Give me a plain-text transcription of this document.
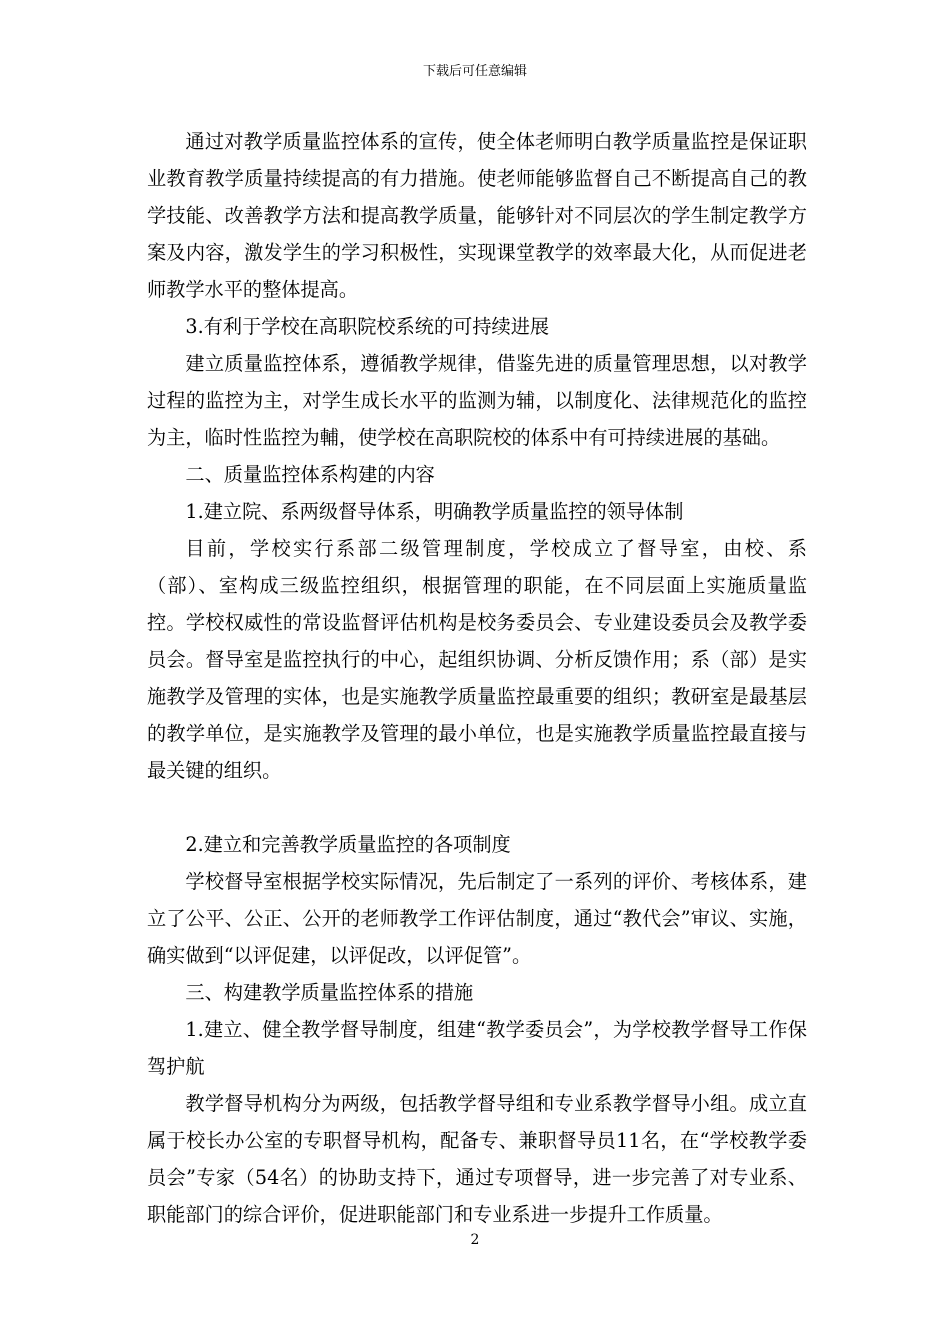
下载后可任意编辑

通过对教学质量监控体系的宣传，使全体老师明白教学质量监控是保证职业教育教学质量持续提高的有力措施。使老师能够监督自己不断提高自己的教学技能、改善教学方法和提高教学质量，能够针对不同层次的学生制定教学方案及内容，激发学生的学习积极性，实现课堂教学的效率最大化，从而促进老师教学水平的整体提高。

3.有利于学校在高职院校系统的可持续进展

建立质量监控体系，遵循教学规律，借鉴先进的质量管理思想，以对教学过程的监控为主，对学生成长水平的监测为辅，以制度化、法律规范化的监控为主，临时性监控为輔，使学校在高职院校的体系中有可持续进展的基础。

二、质量监控体系构建的内容

1.建立院、系两级督导体系，明确教学质量监控的领导体制

目前，学校实行系部二级管理制度，学校成立了督导室，由校、系（部）、室构成三级监控组织，根据管理的职能，在不同层面上实施质量监控。学校权威性的常设监督评估机构是校务委员会、专业建设委员会及教学委员会。督导室是监控执行的中心，起组织协调、分析反馈作用；系（部）是实施教学及管理的实体，也是实施教学质量监控最重要的组织；教研室是最基层的教学单位，是实施教学及管理的最小单位，也是实施教学质量监控最直接与最关键的组织。

2.建立和完善教学质量监控的各项制度

学校督导室根据学校实际情况，先后制定了一系列的评价、考核体系，建立了公平、公正、公开的老师教学工作评估制度，通过“教代会”审议、实施，确实做到“以评促建，以评促改，以评促管”。

三、构建教学质量监控体系的措施

1.建立、健全教学督导制度，组建“教学委员会”，为学校教学督导工作保驾护航

教学督导机构分为两级，包括教学督导组和专业系教学督导小组。成立直属于校长办公室的专职督导机构，配备专、兼职督导员11名，在“学校教学委员会”专家（54名）的协助支持下，通过专项督导，进一步完善了对专业系、职能部门的综合评价，促进职能部门和专业系进一步提升工作质量。

2
